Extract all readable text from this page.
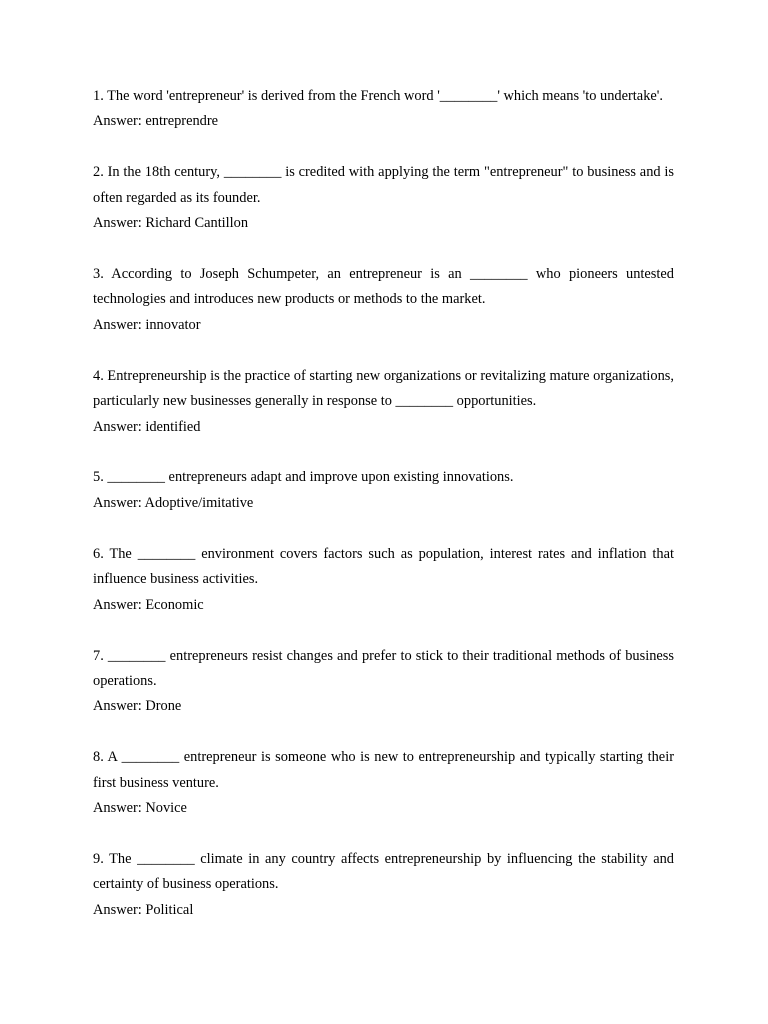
1. The word 'entrepreneur' is derived from the French word '________' which means 'to undertake'.

Answer: entreprendre

2. In the 18th century, ________ is credited with applying the term "entrepreneur" to business and is often regarded as its founder.

Answer: Richard Cantillon

3. According to Joseph Schumpeter, an entrepreneur is an ________ who pioneers untested technologies and introduces new products or methods to the market.

Answer: innovator

4. Entrepreneurship is the practice of starting new organizations or revitalizing mature organizations, particularly new businesses generally in response to ________ opportunities.

Answer: identified

5. ________ entrepreneurs adapt and improve upon existing innovations.

Answer: Adoptive/imitative

6. The ________ environment covers factors such as population, interest rates and inflation that influence business activities.

Answer: Economic

7. ________ entrepreneurs resist changes and prefer to stick to their traditional methods of business operations.

Answer: Drone

8. A ________ entrepreneur is someone who is new to entrepreneurship and typically starting their first business venture.

Answer: Novice

9. The ________ climate in any country affects entrepreneurship by influencing the stability and certainty of business operations.

Answer: Political
